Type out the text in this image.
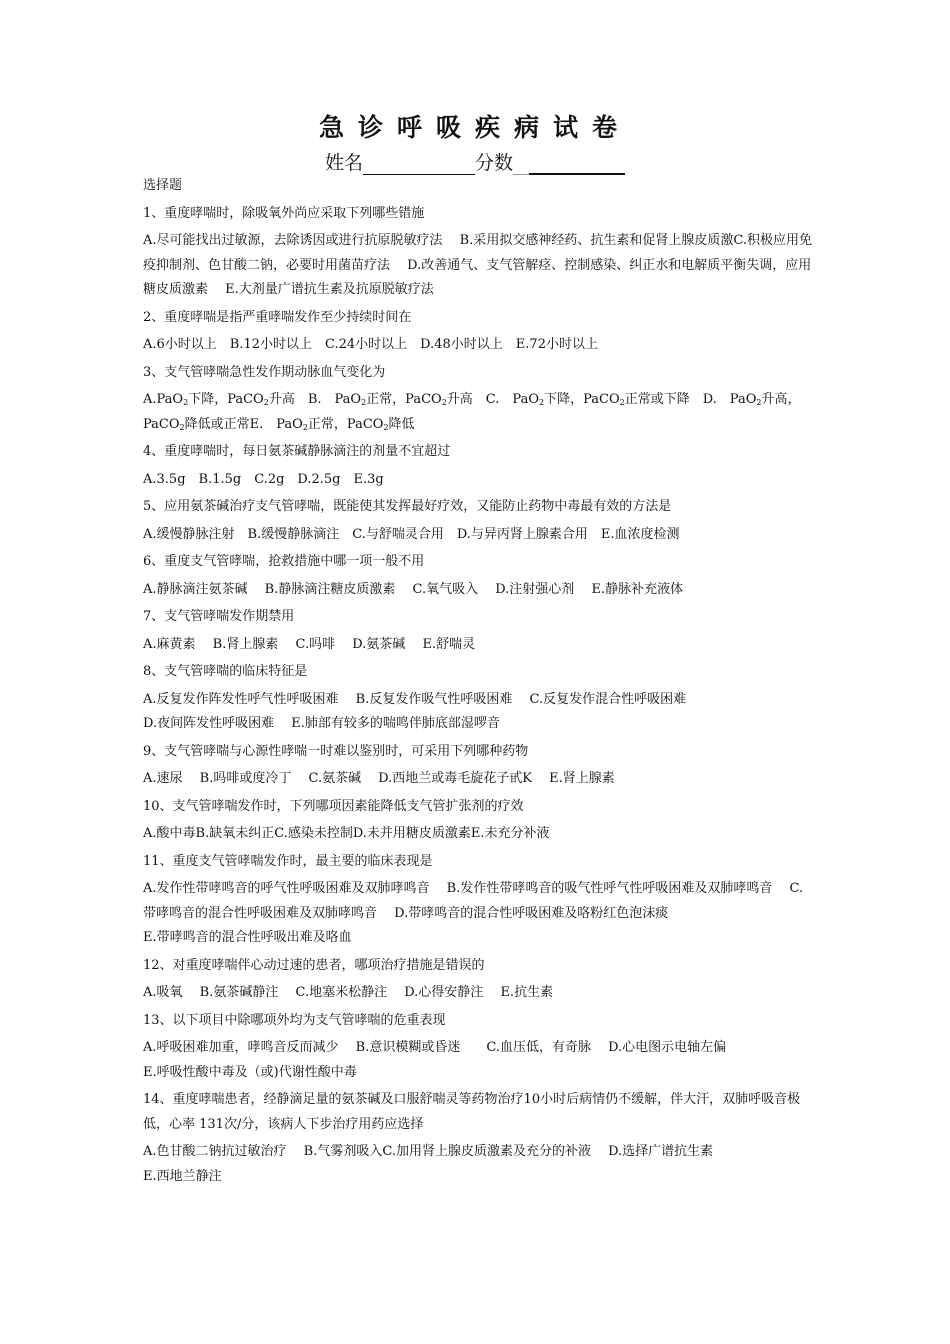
急诊呼吸疾病试卷
姓名	分数
选择题
1、重度哮喘时，除吸氧外尚应采取下列哪些错施
A.尽可能找出过敏源，去除诱因或进行抗原脱敏疗法 　B.采用拟交感神经药、抗生素和促肾上腺皮质激C.积极应用免疫抑制剂、色甘酸二钠，必要时用菌苗疗法 　D.改善通气、支气管解痉、控制感染、纠正水和电解质平衡失调，应用糖皮质激素 　E.大剂量广谱抗生素及抗原脱敏疗法
2、重度哮喘是指严重哮喘发作至少持续时间在
A.6小时以上　B.12小时以上　C.24小时以上　D.48小时以上　E.72小时以上
3、支气管哮喘急性发作期动脉血气变化为
A.PaO$_2$下降，PaCO$_2$升高　B.　PaO$_2$正常，PaCO$_2$升高　C.　PaO$_2$下降，PaCO$_2$正常或下降　D.　PaO$_2$升高，PaCO$_2$降低或正常E.　PaO$_2$正常，PaCO$_2$降低
4、重度哮喘时，每日氨茶碱静脉滴注的剂量不宜超过
A.3.5g　B.1.5g　C.2g　D.2.5g　E.3g
5、应用氨茶碱治疗支气管哮喘，既能使其发挥最好疗效，又能防止药物中毒最有效的方法是
A.缓慢静脉注射　B.缓慢静脉滴注　C.与舒喘灵合用　D.与异丙肾上腺素合用　E.血浓度检测
6、重度支气管哮喘，抢救措施中哪一项一般不用
A.静脉滴注氨茶碱　 B.静脉滴注糖皮质激素　 C.氧气吸入　 D.注射强心剂　 E.静脉补充液体
7、支气管哮喘发作期禁用
A.麻黄素　 B.肾上腺素　 C.吗啡　 D.氨茶碱　 E.舒喘灵
8、支气管哮喘的临床特征是
A.反复发作阵发性呼气性呼吸困难　 B.反复发作吸气性呼吸困难　 C.反复发作混合性呼吸困难
D.夜间阵发性呼吸困难　 E.肺部有较多的喘鸣伴肺底部湿啰音
9、支气管哮喘与心源性哮喘一时难以鉴别时，可采用下列哪种药物
A.速尿　 B.吗啡或度冷丁　 C.氨茶碱　 D.西地兰或毒毛旋花子甙K　 E.肾上腺素
10、支气管哮喘发作时，下列哪项因素能降低支气管扩张剂的疗效
A.酸中毒B.缺氧未纠正C.感染未控制D.未并用糖皮质激素E.未充分补液
11、重度支气管哮喘发作时，最主要的临床表现是
A.发作性带哮鸣音的呼气性呼吸困难及双肺哮鸣音　 B.发作性带哮鸣音的吸气性呼气性呼吸困难及双肺哮鸣音　 C.带哮鸣音的混合性呼吸困难及双肺哮鸣音　 D.带哮鸣音的混合性呼吸困难及咯粉红色泡沫痰
E.带哮鸣音的混合性呼吸出难及咯血
12、对重度哮喘伴心动过速的患者，哪项治疗措施是错误的
A.吸氧　 B.氨茶碱静注　 C.地塞米松静注　 D.心得安静注　 E.抗生素
13、以下项目中除哪项外均为支气管哮喘的危重表现
A.呼吸困难加重，哮鸣音反而减少　 B.意识模糊或昏迷　　C.血压低，有奇脉　 D.心电图示电轴左偏
E.呼吸性酸中毒及（或)代谢性酸中毒
14、重度哮喘患者，经静滴足量的氨茶碱及口服舒喘灵等药物治疗10小时后病情仍不缓解，伴大汗，双肺呼吸音极低，心率 131次/分，该病人下步治疗用药应选择
A.色甘酸二钠抗过敏治疗　 B.气雾剂吸入C.加用肾上腺皮质激素及充分的补液　 D.选择广谱抗生素
E.西地兰静注
